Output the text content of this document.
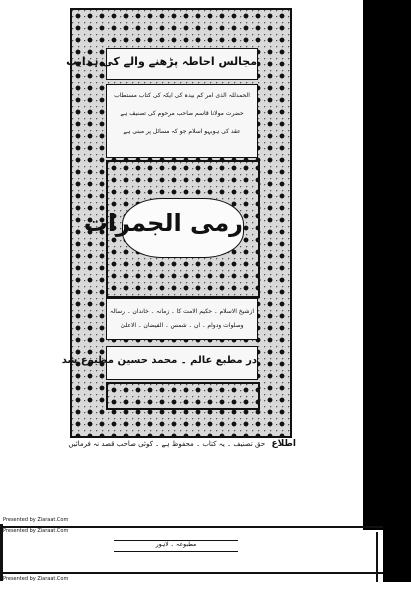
مجالس احاطہ پڑھنے والے کی ہدایت
الحمدللہ الذی امر کم بیدہ کی ایکہ کی کتاب مستطاب
حضرت مولانا قاسم صاحب مرحوم کی تصنیف ہے
عقد کی ہوبہو اسلام جو کہ مسائل پر مبنی ہے
رمی الجمرات
ازشیخ الاسلام ۔ حکیم الامت کا ۔ زمانہ ۔ خاندان ۔ رسالہ
وصلوات ودوام ۔ ان ۔ شمس ۔ الفیضان ۔ الاعلیٰ
در مطبع عالم ۔ محمد حسین مطبوع شد
اطلاع حق تصنیف ۔ یہ کتاب ۔ محفوظ ہے ۔ کوئی صاحب قصد نہ فرمائیں
Presented by Ziaraat.Com
Presented by Ziaraat.Com
مطبوعہ ۔ لاہور
Presented by Ziaraat.Com
